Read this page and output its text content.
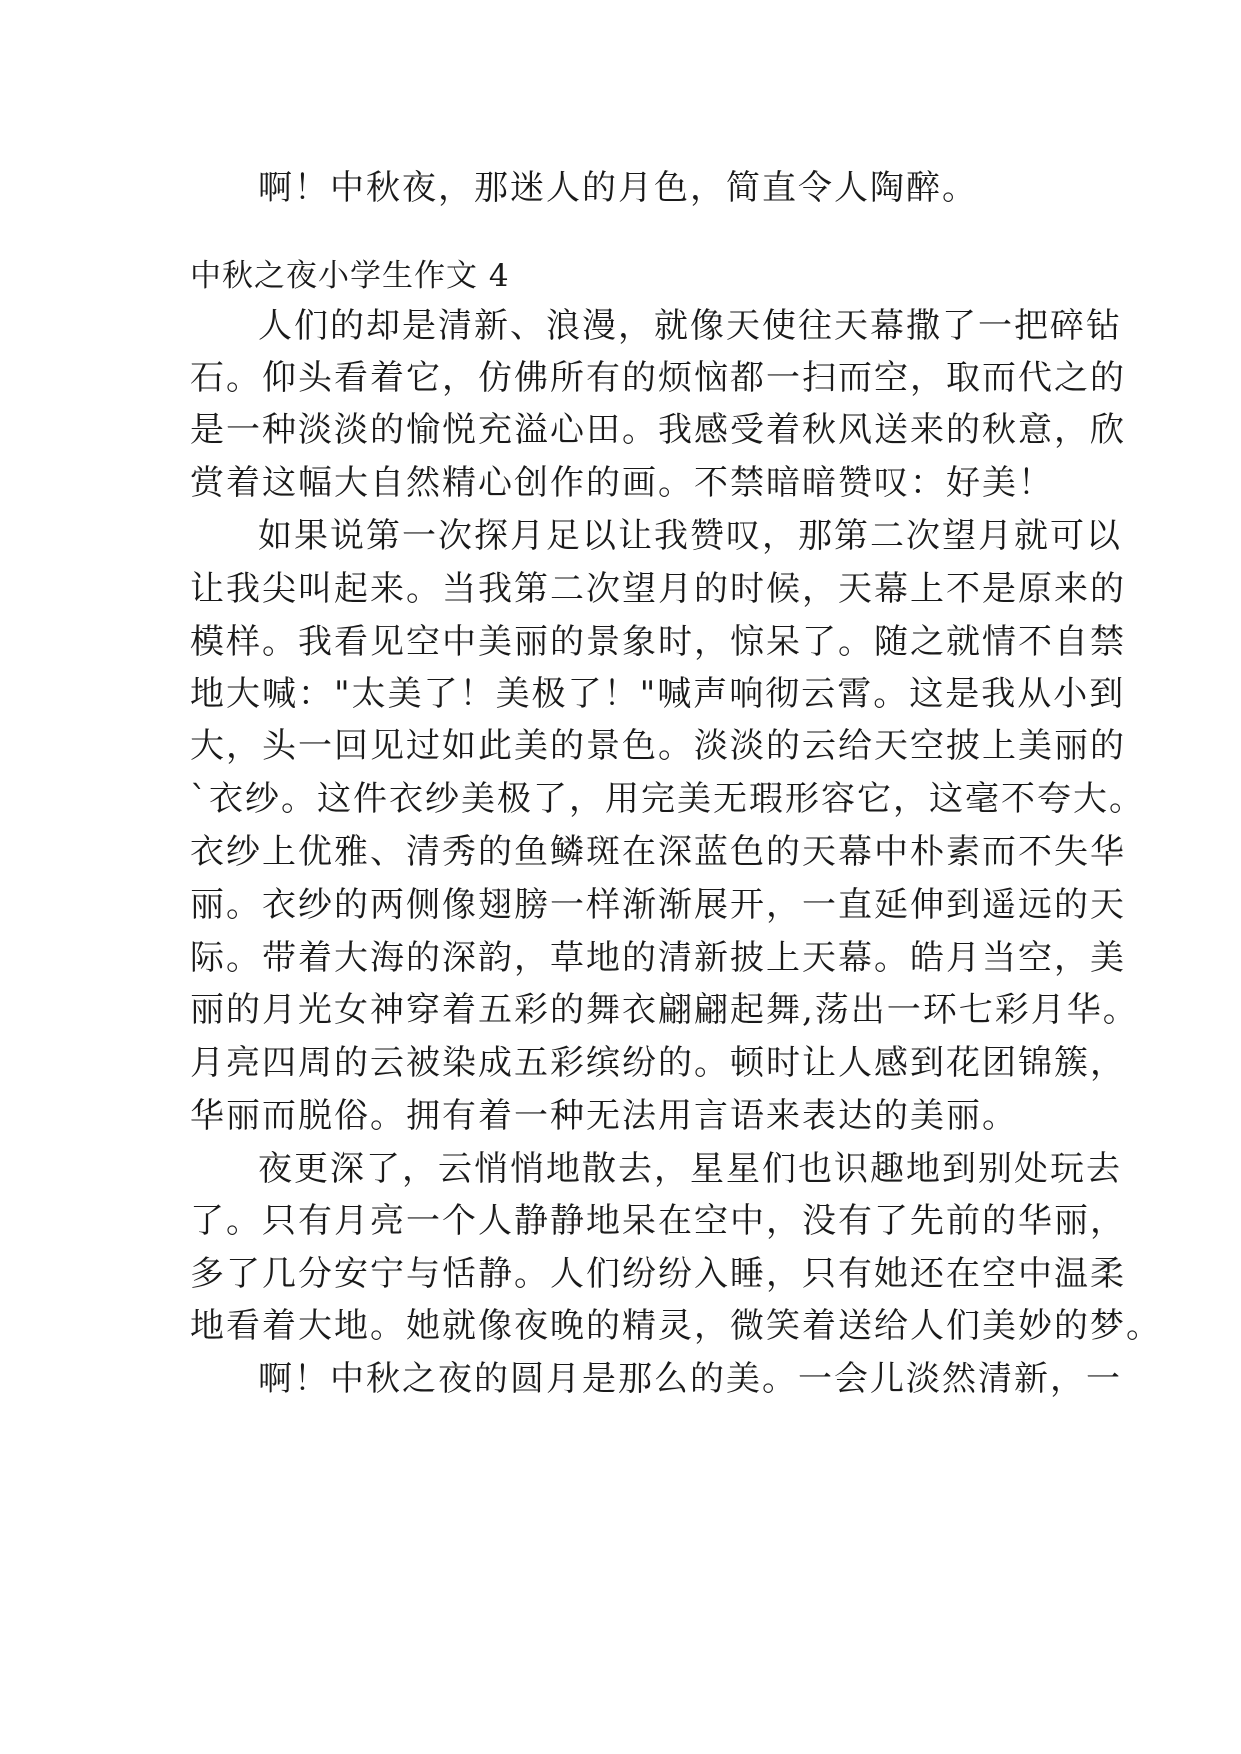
啊！中秋夜，那迷人的月色，简直令人陶醉。
中秋之夜小学生作文 4
人们的却是清新、浪漫，就像天使往天幕撒了一把碎钻
石。仰头看着它，仿佛所有的烦恼都一扫而空，取而代之的
是一种淡淡的愉悦充溢心田。我感受着秋风送来的秋意，欣
赏着这幅大自然精心创作的画。不禁暗暗赞叹：好美！
如果说第一次探月足以让我赞叹，那第二次望月就可以
让我尖叫起来。当我第二次望月的时候，天幕上不是原来的
模样。我看见空中美丽的景象时，惊呆了。随之就情不自禁
地大喊："太美了！美极了！"喊声响彻云霄。这是我从小到
大，头一回见过如此美的景色。淡淡的云给天空披上美丽的
`衣纱。这件衣纱美极了，用完美无瑕形容它，这毫不夸大。
衣纱上优雅、清秀的鱼鳞斑在深蓝色的天幕中朴素而不失华
丽。衣纱的两侧像翅膀一样渐渐展开，一直延伸到遥远的天
际。带着大海的深韵，草地的清新披上天幕。皓月当空，美
丽的月光女神穿着五彩的舞衣翩翩起舞,荡出一环七彩月华。
月亮四周的云被染成五彩缤纷的。顿时让人感到花团锦簇，
华丽而脱俗。拥有着一种无法用言语来表达的美丽。
夜更深了，云悄悄地散去，星星们也识趣地到别处玩去
了。只有月亮一个人静静地呆在空中，没有了先前的华丽，
多了几分安宁与恬静。人们纷纷入睡，只有她还在空中温柔
地看着大地。她就像夜晚的精灵，微笑着送给人们美妙的梦。
啊！中秋之夜的圆月是那么的美。一会儿淡然清新，一
